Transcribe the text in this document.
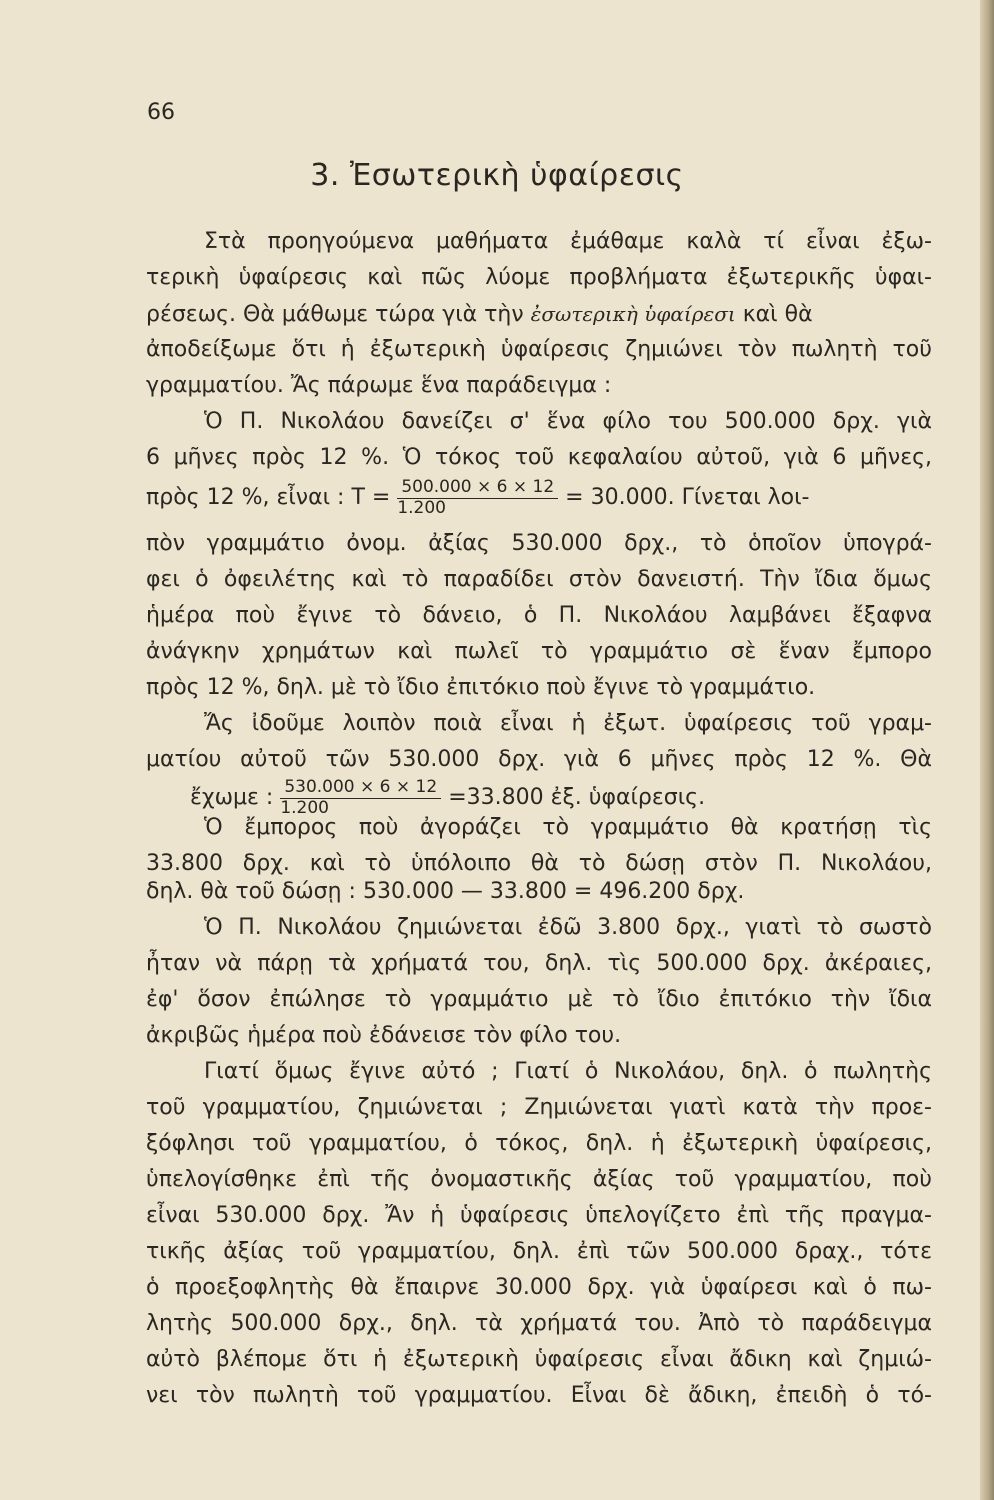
66
3. Ἐσωτερικὴ ὑφαίρεσις
Στὰ προηγούμενα μαθήματα ἐμάθαμε καλὰ τί εἶναι ἐξω-
τερικὴ ὑφαίρεσις καὶ πῶς λύομε προβλήματα ἐξωτερικῆς ὑφαι-
ρέσεως. Θὰ μάθωμε τώρα γιὰ τὴν ἐσωτερικὴ ὑφαίρεσι καὶ θὰ
ἀποδείξωμε ὅτι ἡ ἐξωτερικὴ ὑφαίρεσις ζημιώνει τὸν πωλητὴ τοῦ
γραμματίου. Ἄς πάρωμε ἕνα παράδειγμα :
Ὁ Π. Νικολάου δανείζει σ' ἕνα φίλο του 500.000 δρχ. γιὰ
6 μῆνες πρὸς 12 %. Ὁ τόκος τοῦ κεφαλαίου αὐτοῦ, γιὰ 6 μῆνες,
πρὸς 12 %, εἶναι : $T = \frac{500.000 \times 6 \times 12}{1.200} = 30.000$. Γίνεται λοι-
πὸν γραμμάτιο ὀνομ. ἀξίας 530.000 δρχ., τὸ ὁποῖον ὑπογρά-
φει ὁ ὀφειλέτης καὶ τὸ παραδίδει στὸν δανειστή. Τὴν ἴδια ὅμως
ἡμέρα ποὺ ἔγινε τὸ δάνειο, ὁ Π. Νικολάου λαμβάνει ἔξαφνα
ἀνάγκην χρημάτων καὶ πωλεῖ τὸ γραμμάτιο σὲ ἕναν ἔμπορο
πρὸς 12 %, δηλ. μὲ τὸ ἴδιο ἐπιτόκιο ποὺ ἔγινε τὸ γραμμάτιο.
Ἄς ἰδοῦμε λοιπὸν ποιὰ εἶναι ἡ ἐξωτ. ὑφαίρεσις τοῦ γραμ-
ματίου αὐτοῦ τῶν 530.000 δρχ. γιὰ 6 μῆνες πρὸς 12 %. Θὰ
ἔχωμε : $\frac{530.000 \times 6 \times 12}{1.200} =33.800$ ἐξ. ὑφαίρεσις.
Ὁ ἔμπορος ποὺ ἀγοράζει τὸ γραμμάτιο θὰ κρατήσῃ τὶς
33.800 δρχ. καὶ τὸ ὑπόλοιπο θὰ τὸ δώσῃ στὸν Π. Νικολάου,
δηλ. θὰ τοῦ δώσῃ : 530.000 — 33.800 = 496.200 δρχ.
Ὁ Π. Νικολάου ζημιώνεται ἐδῶ 3.800 δρχ., γιατὶ τὸ σωστὸ
ἦταν νὰ πάρῃ τὰ χρήματά του, δηλ. τὶς 500.000 δρχ. ἀκέραιες,
ἐφ' ὅσον ἐπώλησε τὸ γραμμάτιο μὲ τὸ ἴδιο ἐπιτόκιο τὴν ἴδια
ἀκριβῶς ἡμέρα ποὺ ἐδάνεισε τὸν φίλο του.
Γιατί ὅμως ἔγινε αὐτό ; Γιατί ὁ Νικολάου, δηλ. ὁ πωλητὴς
τοῦ γραμματίου, ζημιώνεται ; Ζημιώνεται γιατὶ κατὰ τὴν προε-
ξόφλησι τοῦ γραμματίου, ὁ τόκος, δηλ. ἡ ἐξωτερικὴ ὑφαίρεσις,
ὑπελογίσθηκε ἐπὶ τῆς ὀνομαστικῆς ἀξίας τοῦ γραμματίου, ποὺ
εἶναι 530.000 δρχ. Ἄν ἡ ὑφαίρεσις ὑπελογίζετο ἐπὶ τῆς πραγμα-
τικῆς ἀξίας τοῦ γραμματίου, δηλ. ἐπὶ τῶν 500.000 δραχ., τότε
ὁ προεξοφλητὴς θὰ ἔπαιρνε 30.000 δρχ. γιὰ ὑφαίρεσι καὶ ὁ πω-
λητὴς 500.000 δρχ., δηλ. τὰ χρήματά του. Ἀπὸ τὸ παράδειγμα
αὐτὸ βλέπομε ὅτι ἡ ἐξωτερικὴ ὑφαίρεσις εἶναι ἄδικη καὶ ζημιώ-
νει τὸν πωλητὴ τοῦ γραμματίου. Εἶναι δὲ ἄδικη, ἐπειδὴ ὁ τό-
